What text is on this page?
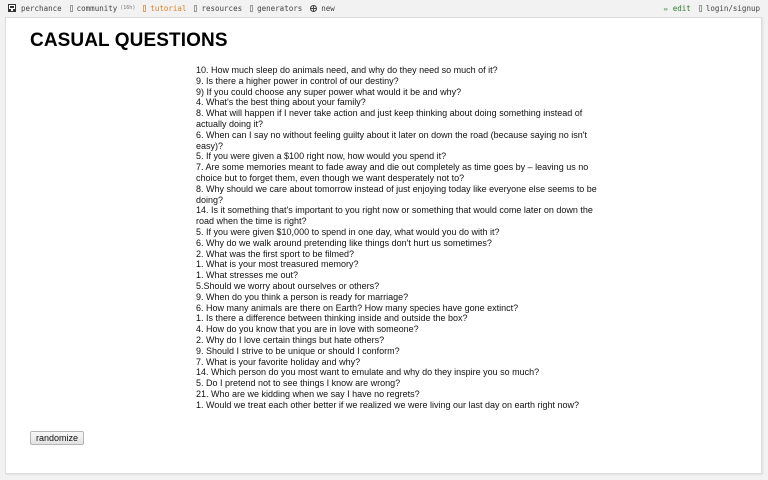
perchance community (16h) tutorial resources generators	new	✏ edit login/signup
CASUAL QUESTIONS
10. How much sleep do animals need, and why do they need so much of it?
9. Is there a higher power in control of our destiny?
9) If you could choose any super power what would it be and why?
4. What's the best thing about your family?
8. What will happen if I never take action and just keep thinking about doing something instead of actually doing it?
6. When can I say no without feeling guilty about it later on down the road (because saying no isn't easy)?
5. If you were given a $100 right now, how would you spend it?
7. Are some memories meant to fade away and die out completely as time goes by – leaving us no choice but to forget them, even though we want desperately not to?
8. Why should we care about tomorrow instead of just enjoying today like everyone else seems to be doing?
14. Is it something that's important to you right now or something that would come later on down the road when the time is right?
5. If you were given $10,000 to spend in one day, what would you do with it?
6. Why do we walk around pretending like things don't hurt us sometimes?
2. What was the first sport to be filmed?
1. What is your most treasured memory?
1. What stresses me out?
5.Should we worry about ourselves or others?
9. When do you think a person is ready for marriage?
6. How many animals are there on Earth? How many species have gone extinct?
1. Is there a difference between thinking inside and outside the box?
4. How do you know that you are in love with someone?
2. Why do I love certain things but hate others?
9. Should I strive to be unique or should I conform?
7. What is your favorite holiday and why?
14. Which person do you most want to emulate and why do they inspire you so much?
5. Do I pretend not to see things I know are wrong?
21. Who are we kidding when we say I have no regrets?
1. Would we treat each other better if we realized we were living our last day on earth right now?
randomize
